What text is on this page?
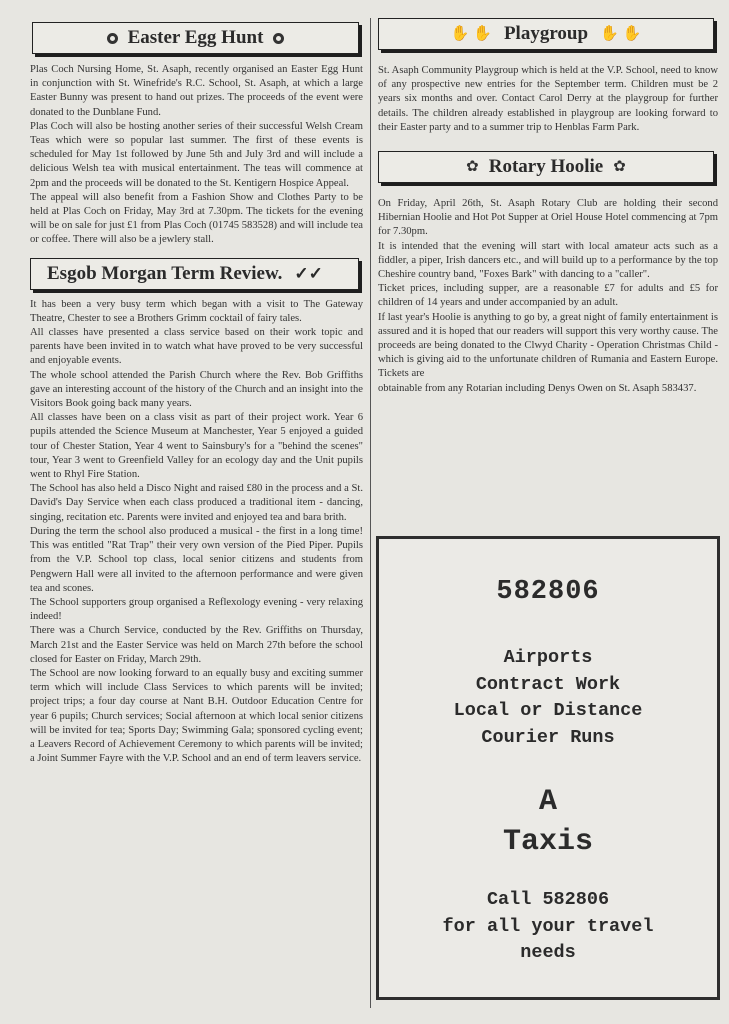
Easter Egg Hunt

Plas Coch Nursing Home, St. Asaph, recently organised an Easter Egg Hunt in conjunction with St. Winefride's R.C. School, St. Asaph, at which a large Easter Bunny was present to hand out prizes. The proceeds of the event were donated to the Dunblane Fund.

Plas Coch will also be hosting another series of their successful Welsh Cream Teas which were so popular last summer. The first of these events is scheduled for May 1st followed by June 5th and July 3rd and will include a delicious Welsh tea with musical entertainment. The teas will commence at 2pm and the proceeds will be donated to the St. Kentigern Hospice Appeal.

The appeal will also benefit from a Fashion Show and Clothes Party to be held at Plas Coch on Friday, May 3rd at 7.30pm. The tickets for the evening will be on sale for just £1 from Plas Coch (01745 583528) and will include tea or coffee. There will also be a jewlery stall.

Esgob Morgan Term Review. ✓✓

It has been a very busy term which began with a visit to The Gateway Theatre, Chester to see a Brothers Grimm cocktail of fairy tales.

All classes have presented a class service based on their work topic and parents have been invited in to watch what have proved to be very successful and enjoyable events.

The whole school attended the Parish Church where the Rev. Bob Griffiths gave an interesting account of the history of the Church and an insight into the Visitors Book going back many years.

All classes have been on a class visit as part of their project work. Year 6 pupils attended the Science Museum at Manchester, Year 5 enjoyed a guided tour of Chester Station, Year 4 went to Sainsbury's for a "behind the scenes" tour, Year 3 went to Greenfield Valley for an ecology day and the Unit pupils went to Rhyl Fire Station.

The School has also held a Disco Night and raised £80 in the process and a St. David's Day Service when each class produced a traditional item - dancing, singing, recitation etc. Parents were invited and enjoyed tea and bara brith.

During the term the school also produced a musical - the first in a long time! This was entitled "Rat Trap" their very own version of the Pied Piper. Pupils from the V.P. School top class, local senior citizens and students from Pengwern Hall were all invited to the afternoon performance and were given tea and scones.

The School supporters group organised a Reflexology evening - very relaxing indeed!

There was a Church Service, conducted by the Rev. Griffiths on Thursday, March 21st and the Easter Service was held on March 27th before the school closed for Easter on Friday, March 29th.

The School are now looking forward to an equally busy and exciting summer term which will include Class Services to which parents will be invited; project trips; a four day course at Nant B.H. Outdoor Education Centre for year 6 pupils; Church services; Social afternoon at which local senior citizens will be invited for tea; Sports Day; Swimming Gala; sponsored cycling event; a Leavers Record of Achievement Ceremony to which parents will be invited; a Joint Summer Fayre with the V.P. School and an end of term leavers service.

✋ ✋ Playgroup ✋ ✋

St. Asaph Community Playgroup which is held at the V.P. School, need to know of any prospective new entries for the September term. Children must be 2 years six months and over. Contact Carol Derry at the playgroup for further details. The children already established in playgroup are looking forward to their Easter party and to a summer trip to Henblas Farm Park.

✿ Rotary Hoolie ✿

On Friday, April 26th, St. Asaph Rotary Club are holding their second Hibernian Hoolie and Hot Pot Supper at Oriel House Hotel commencing at 7pm for 7.30pm.

It is intended that the evening will start with local amateur acts such as a fiddler, a piper, Irish dancers etc., and will build up to a performance by the top Cheshire country band, "Foxes Bark" with dancing to a "caller".

Ticket prices, including supper, are a reasonable £7 for adults and £5 for children of 14 years and under accompanied by an adult.

If last year's Hoolie is anything to go by, a great night of family entertainment is assured and it is hoped that our readers will support this very worthy cause. The proceeds are being donated to the Clwyd Charity - Operation Christmas Child - which is giving aid to the unfortunate children of Rumania and Eastern Europe. Tickets are

obtainable from any Rotarian including Denys Owen on St. Asaph 583437.

582806
Airports
Contract Work
Local or Distance
Courier Runs
A
Taxis
Call 582806
for all your travel
needs
